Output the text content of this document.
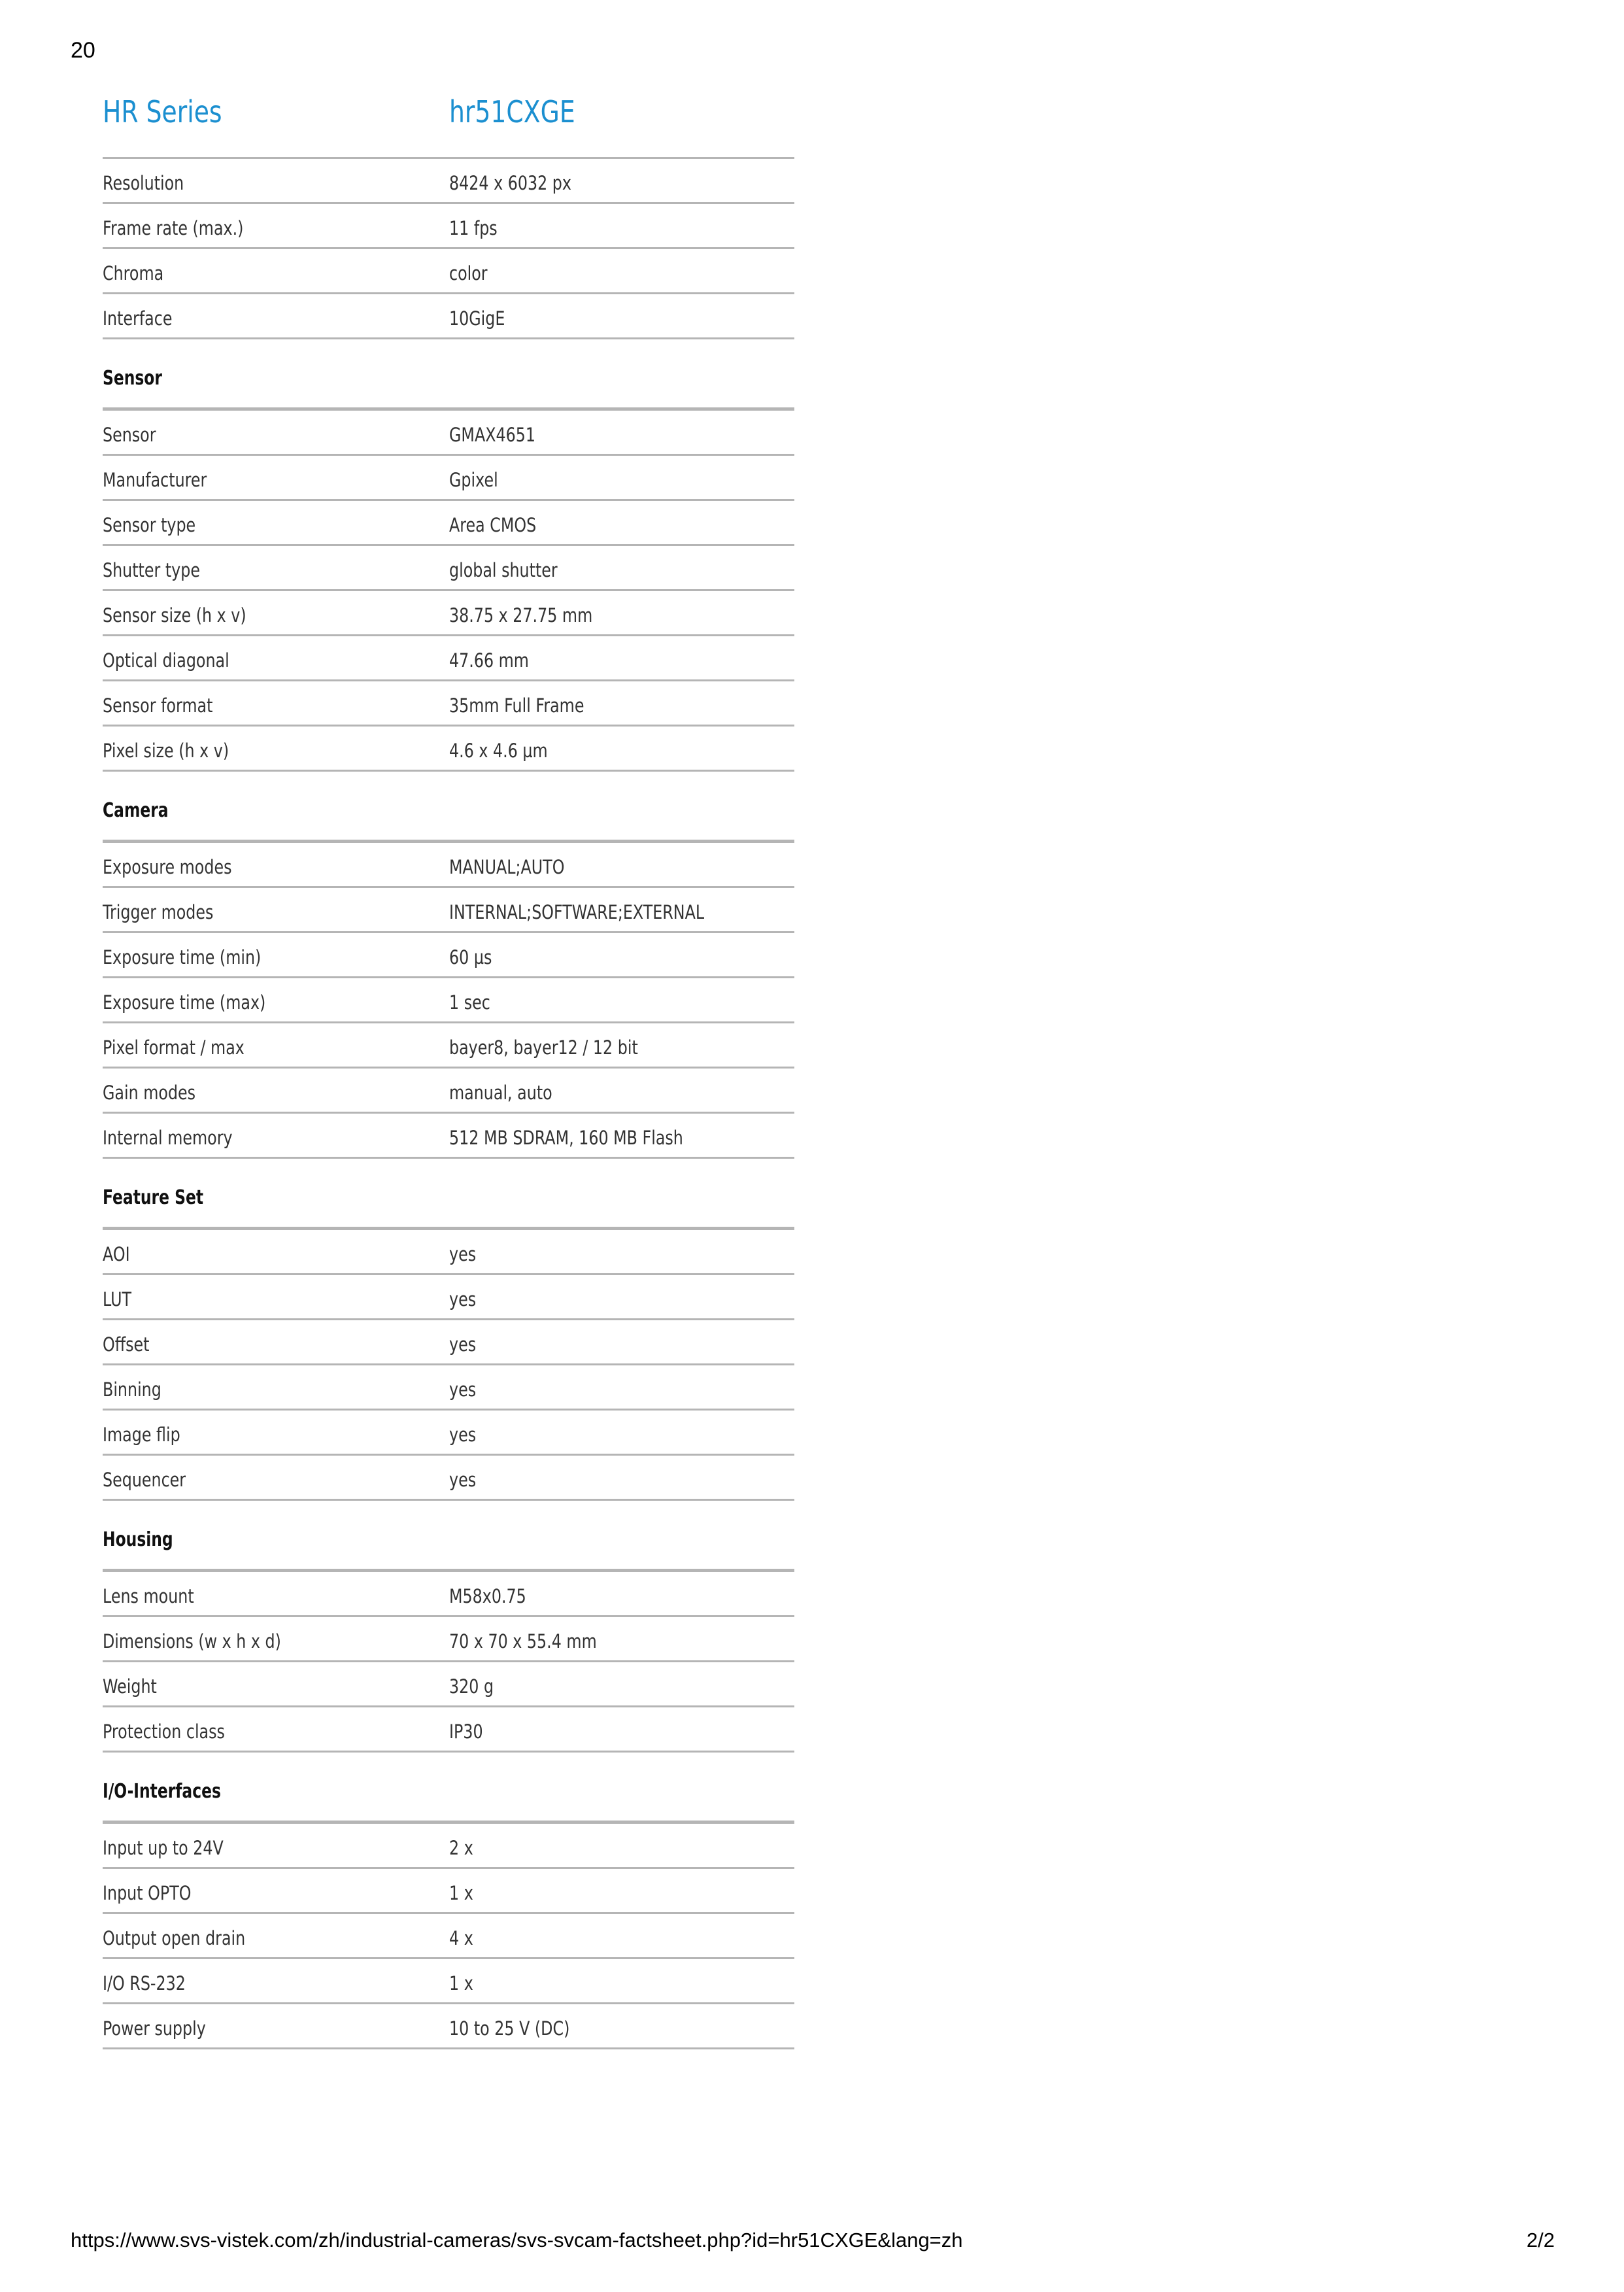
20
HR Series	hr51CXGE
Resolution	8424 x 6032 px
Frame rate (max.)	11 fps
Chroma	color
Interface	10GigE
Sensor
Sensor	GMAX4651
Manufacturer	Gpixel
Sensor type	Area CMOS
Shutter type	global shutter
Sensor size (h x v)	38.75 x 27.75 mm
Optical diagonal	47.66 mm
Sensor format	35mm Full Frame
Pixel size (h x v)	4.6 x 4.6 µm
Camera
Exposure modes	MANUAL;AUTO
Trigger modes	INTERNAL;SOFTWARE;EXTERNAL
Exposure time (min)	60 µs
Exposure time (max)	1 sec
Pixel format / max	bayer8, bayer12 / 12 bit
Gain modes	manual, auto
Internal memory	512 MB SDRAM, 160 MB Flash
Feature Set
AOI	yes
LUT	yes
Offset	yes
Binning	yes
Image flip	yes
Sequencer	yes
Housing
Lens mount	M58x0.75
Dimensions (w x h x d)	70 x 70 x 55.4 mm
Weight	320 g
Protection class	IP30
I/O-Interfaces
Input up to 24V	2 x
Input OPTO	1 x
Output open drain	4 x
I/O RS-232	1 x
Power supply	10 to 25 V (DC)
https://www.svs-vistek.com/zh/industrial-cameras/svs-svcam-factsheet.php?id=hr51CXGE&lang=zh	2/2
